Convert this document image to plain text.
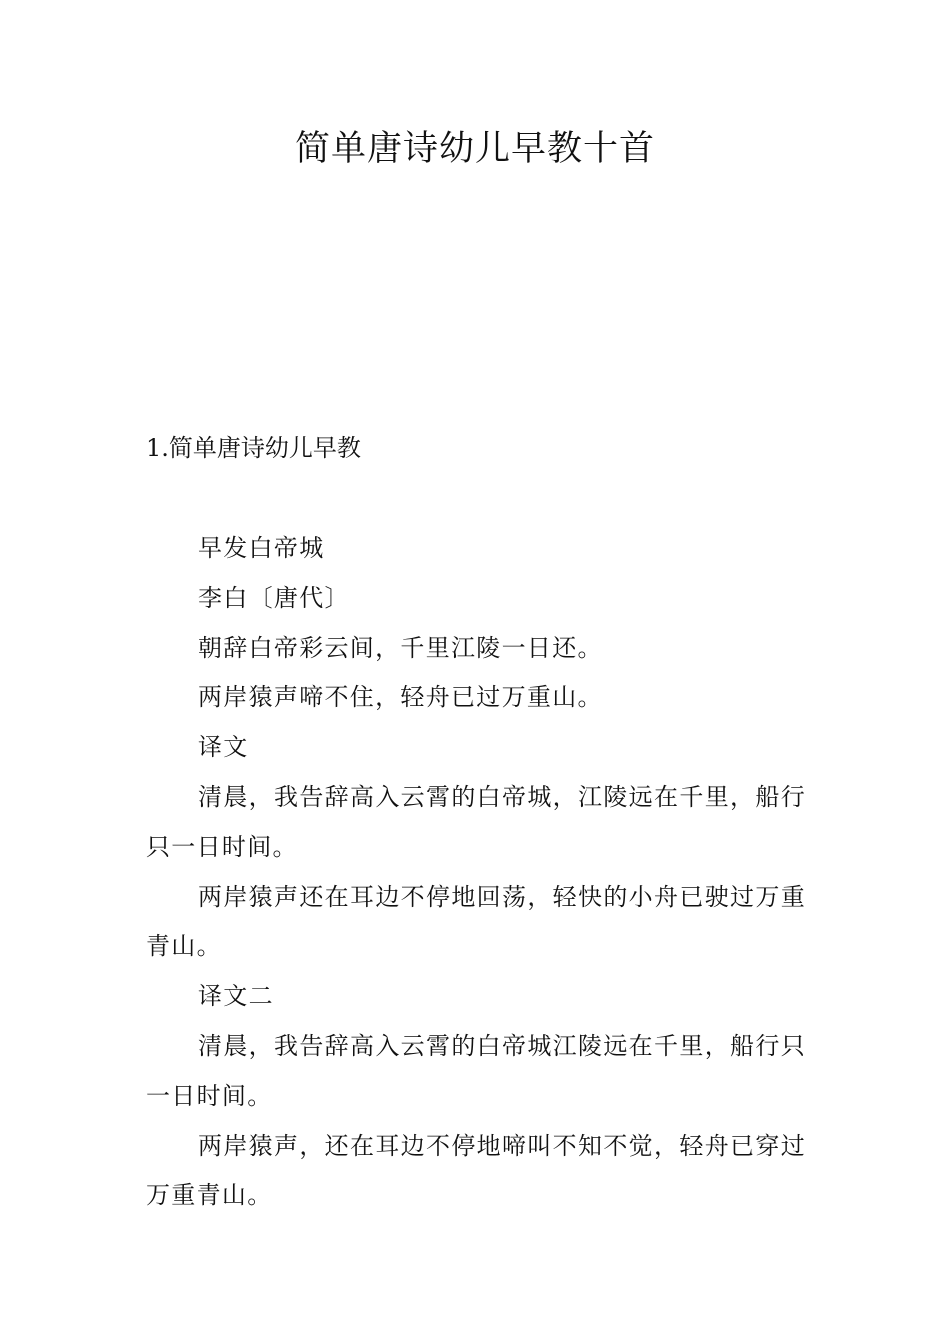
简单唐诗幼儿早教十首
1.简单唐诗幼儿早教

早发白帝城

李白〔唐代〕

朝辞白帝彩云间，千里江陵一日还。

两岸猿声啼不住，轻舟已过万重山。

译文

清晨，我告辞高入云霄的白帝城，江陵远在千里，船行只一日时间。

两岸猿声还在耳边不停地回荡，轻快的小舟已驶过万重青山。

译文二

清晨，我告辞高入云霄的白帝城江陵远在千里，船行只一日时间。

两岸猿声，还在耳边不停地啼叫不知不觉，轻舟已穿过万重青山。
